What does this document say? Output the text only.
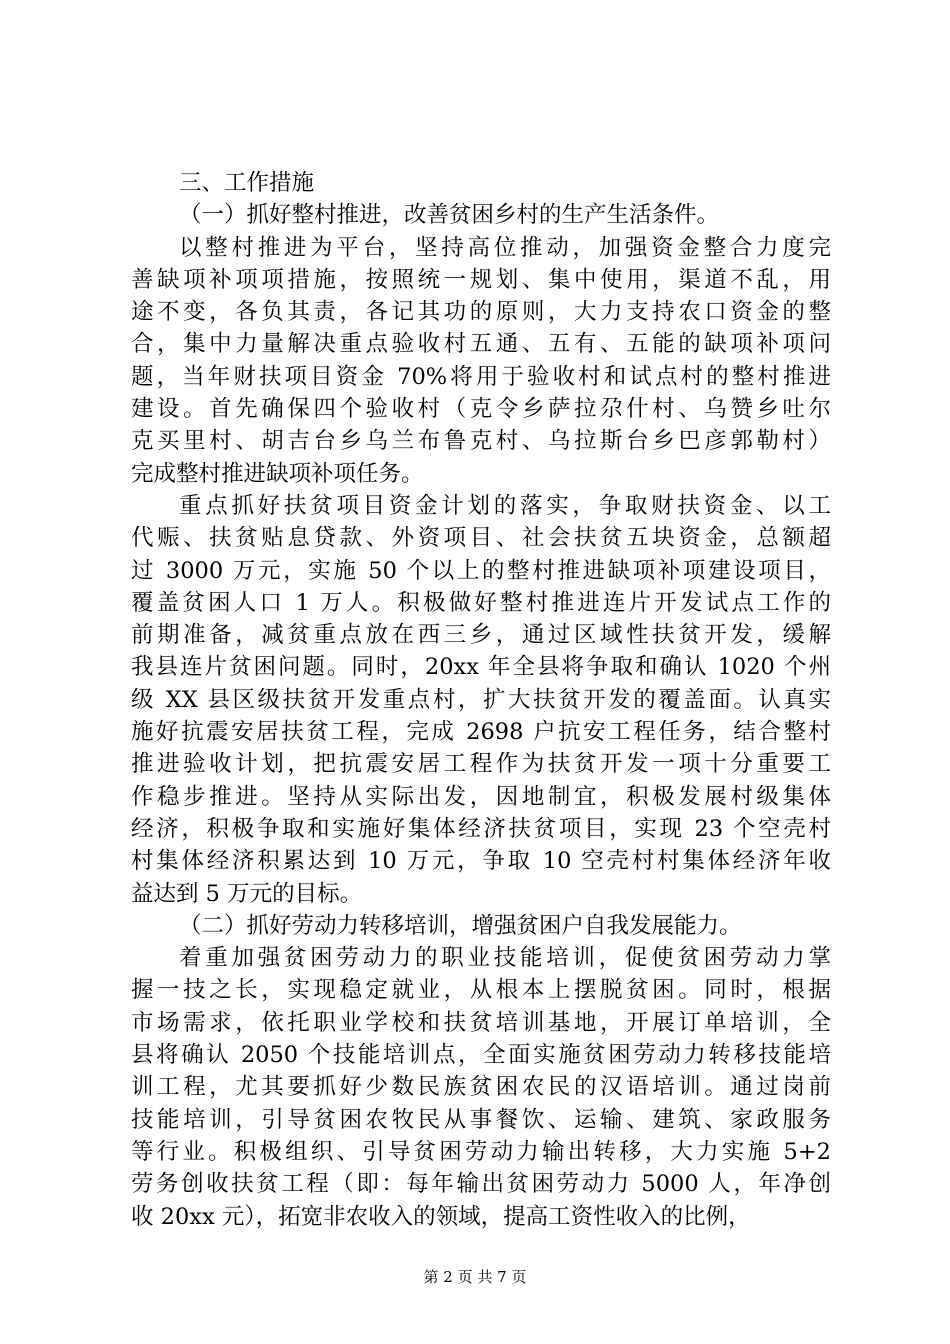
三、工作措施
（一）抓好整村推进，改善贫困乡村的生产生活条件。
以整村推进为平台，坚持高位推动，加强资金整合力度完
善缺项补项项措施，按照统一规划、集中使用，渠道不乱，用
途不变，各负其责，各记其功的原则，大力支持农口资金的整
合，集中力量解决重点验收村五通、五有、五能的缺项补项问
题，当年财扶项目资金 70%将用于验收村和试点村的整村推进
建设。首先确保四个验收村（克令乡萨拉尕什村、乌赞乡吐尔
克买里村、胡吉台乡乌兰布鲁克村、乌拉斯台乡巴彦郭勒村）
完成整村推进缺项补项任务。
重点抓好扶贫项目资金计划的落实，争取财扶资金、以工
代赈、扶贫贴息贷款、外资项目、社会扶贫五块资金，总额超
过 3000 万元，实施 50 个以上的整村推进缺项补项建设项目，
覆盖贫困人口 1 万人。积极做好整村推进连片开发试点工作的
前期准备，减贫重点放在西三乡，通过区域性扶贫开发，缓解
我县连片贫困问题。同时，20xx 年全县将争取和确认 1020 个州
级 XX 县区级扶贫开发重点村，扩大扶贫开发的覆盖面。认真实
施好抗震安居扶贫工程，完成 2698 户抗安工程任务，结合整村
推进验收计划，把抗震安居工程作为扶贫开发一项十分重要工
作稳步推进。坚持从实际出发，因地制宜，积极发展村级集体
经济，积极争取和实施好集体经济扶贫项目，实现 23 个空壳村
村集体经济积累达到 10 万元，争取 10 空壳村村集体经济年收
益达到 5 万元的目标。
（二）抓好劳动力转移培训，增强贫困户自我发展能力。
着重加强贫困劳动力的职业技能培训，促使贫困劳动力掌
握一技之长，实现稳定就业，从根本上摆脱贫困。同时，根据
市场需求，依托职业学校和扶贫培训基地，开展订单培训，全
县将确认 2050 个技能培训点，全面实施贫困劳动力转移技能培
训工程，尤其要抓好少数民族贫困农民的汉语培训。通过岗前
技能培训，引导贫困农牧民从事餐饮、运输、建筑、家政服务
等行业。积极组织、引导贫困劳动力输出转移，大力实施 5+2
劳务创收扶贫工程（即：每年输出贫困劳动力 5000 人，年净创
收 20xx 元），拓宽非农收入的领域，提高工资性收入的比例，
第 2 页 共 7 页
